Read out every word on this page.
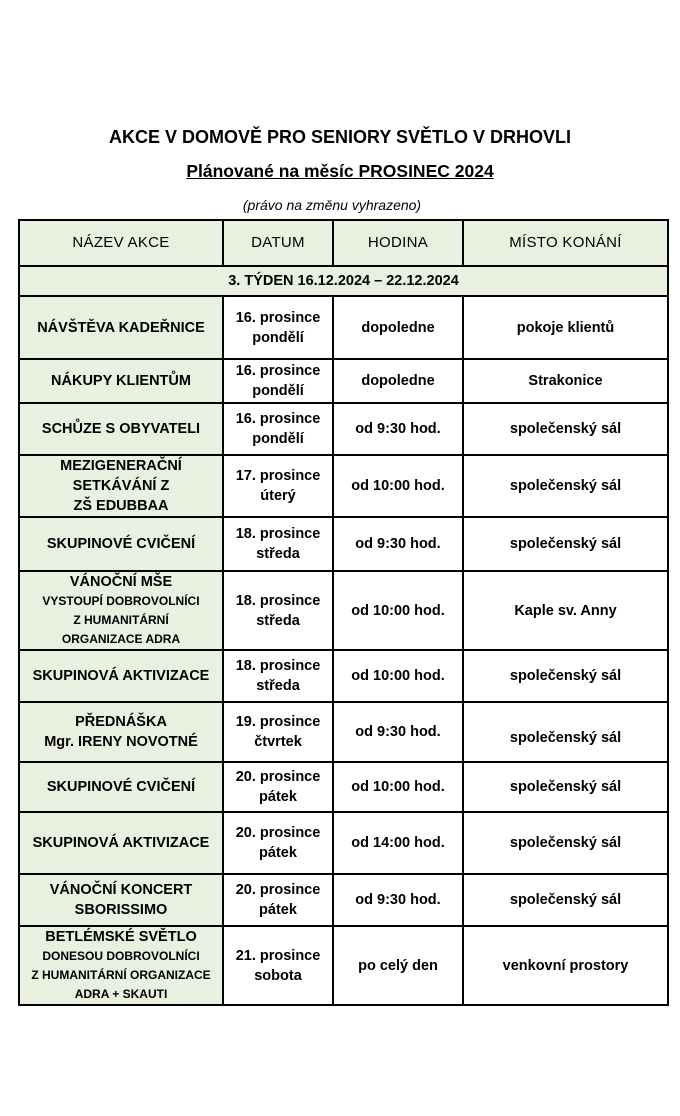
AKCE V DOMOVĚ PRO SENIORY SVĚTLO V DRHOVLI
Plánované na měsíc PROSINEC 2024
(právo na změnu vyhrazeno)
NÁZEV AKCE	DATUM	HODINA	MÍSTO KONÁNÍ
3. TÝDEN 16.12.2024 – 22.12.2024			
NÁVŠTĚVA KADEŘNICE	16. prosince
pondělí	dopoledne	pokoje klientů
NÁKUPY KLIENTŮM	16. prosince
pondělí	dopoledne	Strakonice
SCHŮZE S OBYVATELI	16. prosince
pondělí	od 9:30 hod.	společenský sál

MEZIGENERAČNÍ
SETKÁVÁNÍ Z
ZŠ EDUBBAA	17. prosince
úterý	od 10:00 hod.	společenský sál
SKUPINOVÉ CVIČENÍ	18. prosince
středa	od 9:30 hod.	společenský sál

VÁNOČNÍ MŠE
VYSTOUPÍ DOBROVOLNÍCI
Z HUMANITÁRNÍ
ORGANIZACE ADRA	18. prosince
středa	od 10:00 hod.	Kaple sv. Anny
SKUPINOVÁ AKTIVIZACE	18. prosince
středa	od 10:00 hod.	společenský sál

PŘEDNÁŠKA
Mgr. IRENY NOVOTNÉ	19. prosince
čtvrtek	od 9:30 hod.	společenský sál

SKUPINOVÉ CVIČENÍ	20. prosince
pátek	od 10:00 hod.	společenský sál
SKUPINOVÁ AKTIVIZACE	20. prosince
pátek	od 14:00 hod.	společenský sál

VÁNOČNÍ KONCERT
SBORISSIMO	20. prosince
pátek	od 9:30 hod.	společenský sál

BETLÉMSKÉ SVĚTLO
DONESOU DOBROVOLNÍCI
Z HUMANITÁRNÍ ORGANIZACE
ADRA + SKAUTI	21. prosince
sobota	po celý den	venkovní prostory
